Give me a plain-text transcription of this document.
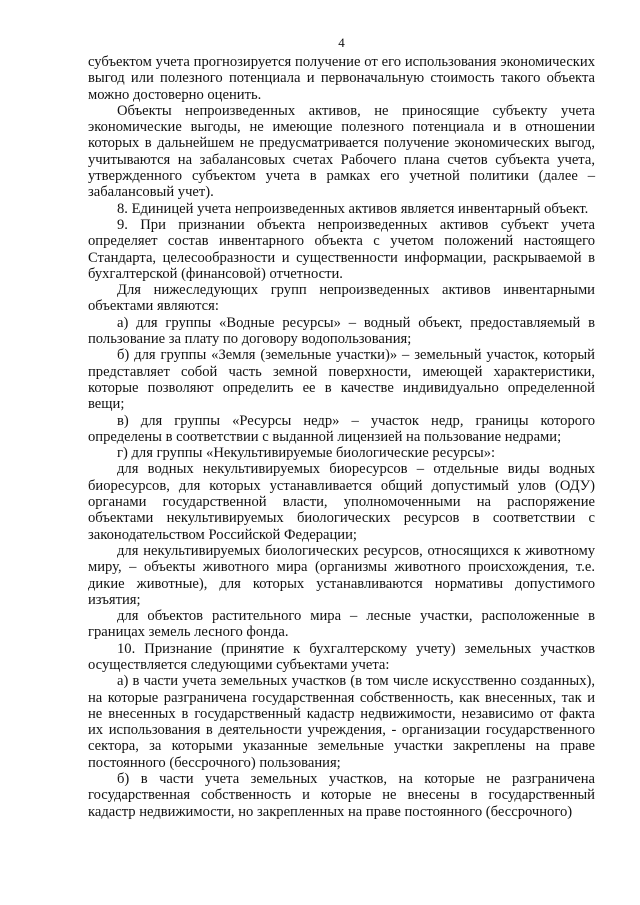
4

субъектом учета прогнозируется получение от его использования экономических выгод или полезного потенциала и первоначальную стоимость такого объекта можно достоверно оценить.

Объекты непроизведенных активов, не приносящие субъекту учета экономические выгоды, не имеющие полезного потенциала и в отношении которых в дальнейшем не предусматривается получение экономических выгод, учитываются на забалансовых счетах Рабочего плана счетов субъекта учета, утвержденного субъектом учета в рамках его учетной политики (далее – забалансовый учет).

8. Единицей учета непроизведенных активов является инвентарный объект.

9. При признании объекта непроизведенных активов субъект учета определяет состав инвентарного объекта с учетом положений настоящего Стандарта, целесообразности и существенности информации, раскрываемой в бухгалтерской (финансовой) отчетности.

Для нижеследующих групп непроизведенных активов инвентарными объектами являются:

а) для группы «Водные ресурсы» – водный объект, предоставляемый в пользование за плату по договору водопользования;

б) для группы «Земля (земельные участки)» – земельный участок, который представляет собой часть земной поверхности, имеющей характеристики, которые позволяют определить ее в качестве индивидуально определенной вещи;

в) для группы «Ресурсы недр» – участок недр, границы которого определены в соответствии с выданной лицензией на пользование недрами;

г) для группы «Некультивируемые биологические ресурсы»:

для водных некультивируемых биоресурсов – отдельные виды водных биоресурсов, для которых устанавливается общий допустимый улов (ОДУ) органами государственной власти, уполномоченными на распоряжение объектами некультивируемых биологических ресурсов в соответствии с законодательством Российской Федерации;

для некультивируемых биологических ресурсов, относящихся к животному миру, – объекты животного мира (организмы животного происхождения, т.е. дикие животные), для которых устанавливаются нормативы допустимого изъятия;

для объектов растительного мира – лесные участки, расположенные в границах земель лесного фонда.

10. Признание (принятие к бухгалтерскому учету) земельных участков осуществляется следующими субъектами учета:

а) в части учета земельных участков (в том числе искусственно созданных), на которые разграничена государственная собственность, как внесенных, так и не внесенных в государственный кадастр недвижимости, независимо от факта их использования в деятельности учреждения, - организации государственного сектора, за которыми указанные земельные участки закреплены на праве постоянного (бессрочного) пользования;

б) в части учета земельных участков, на которые не разграничена государственная собственность и которые не внесены в государственный кадастр недвижимости, но закрепленных на праве постоянного (бессрочного)
